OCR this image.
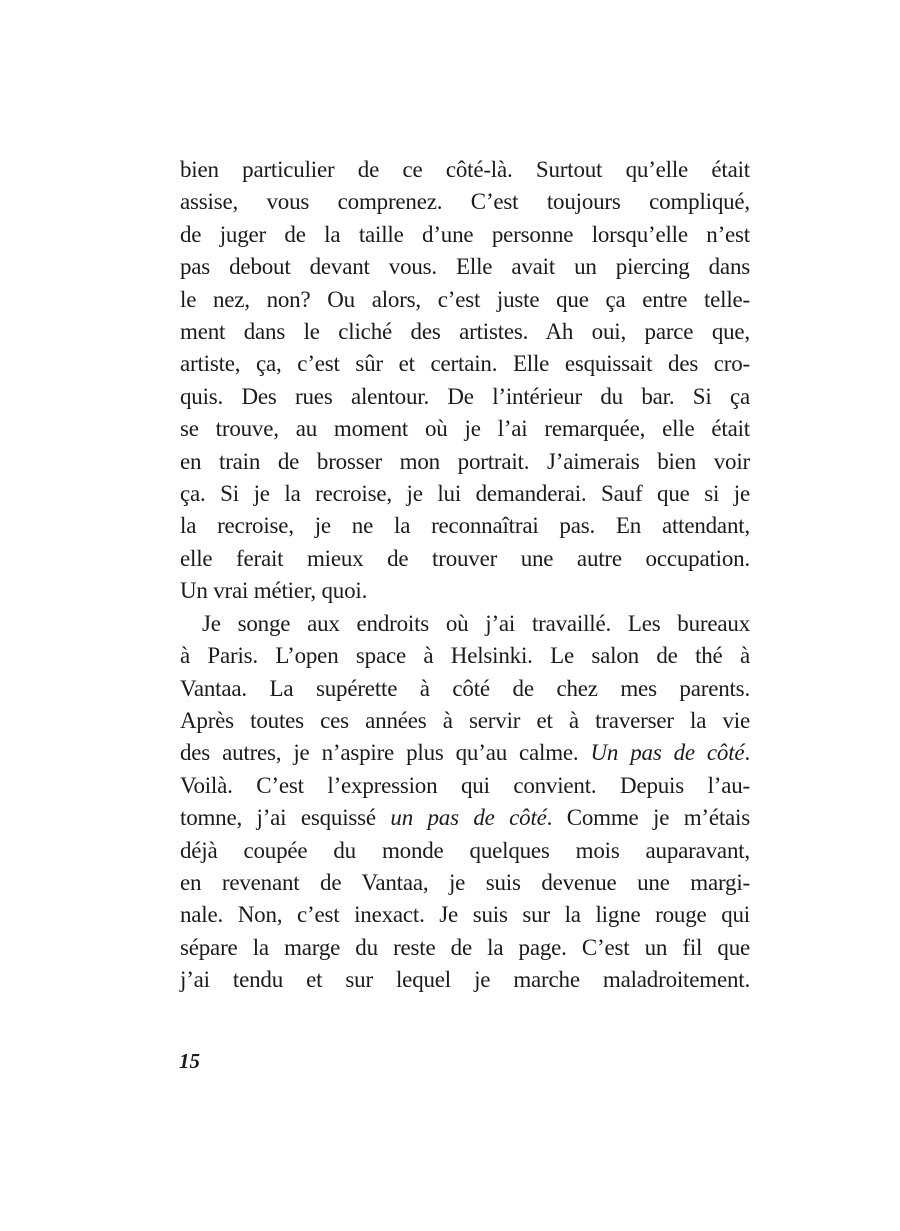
bien particulier de ce côté-là. Surtout qu’elle était
assise, vous comprenez. C’est toujours compliqué,
de juger de la taille d’une personne lorsqu’elle n’est
pas debout devant vous. Elle avait un piercing dans
le nez, non? Ou alors, c’est juste que ça entre telle-
ment dans le cliché des artistes. Ah oui, parce que,
artiste, ça, c’est sûr et certain. Elle esquissait des cro-
quis. Des rues alentour. De l’intérieur du bar. Si ça
se trouve, au moment où je l’ai remarquée, elle était
en train de brosser mon portrait. J’aimerais bien voir
ça. Si je la recroise, je lui demanderai. Sauf que si je
la recroise, je ne la reconnaîtrai pas. En attendant,
elle ferait mieux de trouver une autre occupation.
Un vrai métier, quoi.
Je songe aux endroits où j’ai travaillé. Les bureaux
à Paris. L’open space à Helsinki. Le salon de thé à
Vantaa. La supérette à côté de chez mes parents.
Après toutes ces années à servir et à traverser la vie
des autres, je n’aspire plus qu’au calme. Un pas de côté.
Voilà. C’est l’expression qui convient. Depuis l’au-
tomne, j’ai esquissé un pas de côté. Comme je m’étais
déjà coupée du monde quelques mois auparavant,
en revenant de Vantaa, je suis devenue une margi-
nale. Non, c’est inexact. Je suis sur la ligne rouge qui
sépare la marge du reste de la page. C’est un fil que
j’ai tendu et sur lequel je marche maladroitement.
15
